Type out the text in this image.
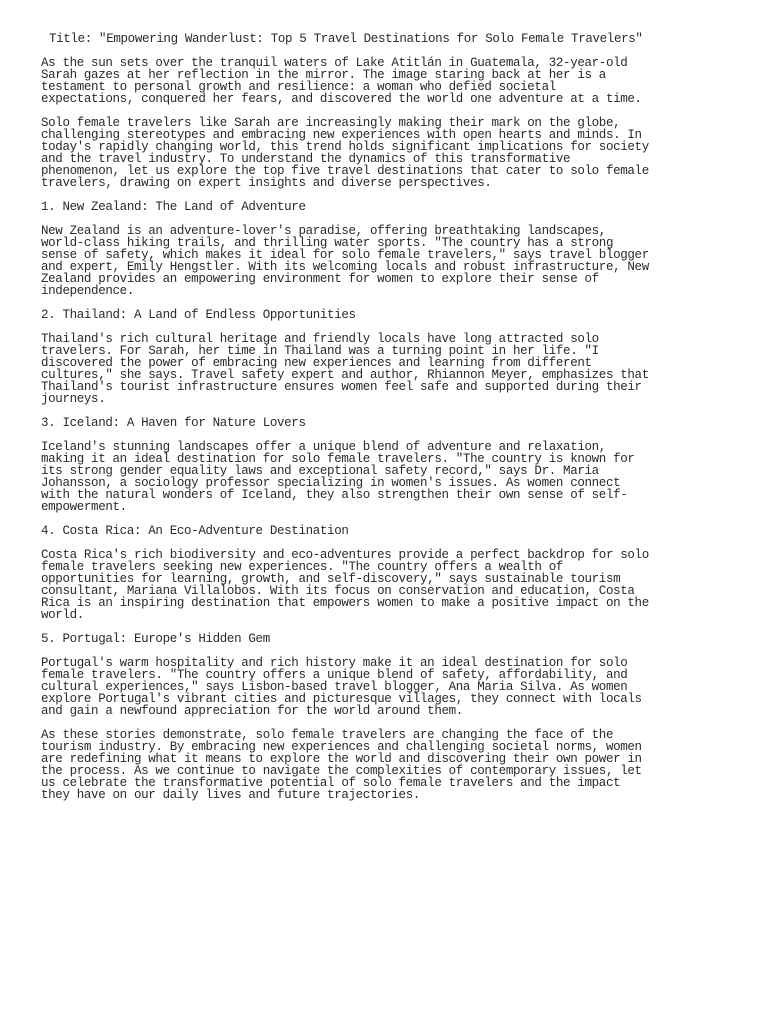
Title: "Empowering Wanderlust: Top 5 Travel Destinations for Solo Female Travelers"
As the sun sets over the tranquil waters of Lake Atitlán in Guatemala, 32-year-old
Sarah gazes at her reflection in the mirror. The image staring back at her is a
testament to personal growth and resilience: a woman who defied societal
expectations, conquered her fears, and discovered the world one adventure at a time.
Solo female travelers like Sarah are increasingly making their mark on the globe,
challenging stereotypes and embracing new experiences with open hearts and minds. In
today's rapidly changing world, this trend holds significant implications for society
and the travel industry. To understand the dynamics of this transformative
phenomenon, let us explore the top five travel destinations that cater to solo female
travelers, drawing on expert insights and diverse perspectives.
1. New Zealand: The Land of Adventure
New Zealand is an adventure-lover's paradise, offering breathtaking landscapes,
world-class hiking trails, and thrilling water sports. "The country has a strong
sense of safety, which makes it ideal for solo female travelers," says travel blogger
and expert, Emily Hengstler. With its welcoming locals and robust infrastructure, New
Zealand provides an empowering environment for women to explore their sense of
independence.
2. Thailand: A Land of Endless Opportunities
Thailand's rich cultural heritage and friendly locals have long attracted solo
travelers. For Sarah, her time in Thailand was a turning point in her life. "I
discovered the power of embracing new experiences and learning from different
cultures," she says. Travel safety expert and author, Rhiannon Meyer, emphasizes that
Thailand's tourist infrastructure ensures women feel safe and supported during their
journeys.
3. Iceland: A Haven for Nature Lovers
Iceland's stunning landscapes offer a unique blend of adventure and relaxation,
making it an ideal destination for solo female travelers. "The country is known for
its strong gender equality laws and exceptional safety record," says Dr. Maria
Johansson, a sociology professor specializing in women's issues. As women connect
with the natural wonders of Iceland, they also strengthen their own sense of self-
empowerment.
4. Costa Rica: An Eco-Adventure Destination
Costa Rica's rich biodiversity and eco-adventures provide a perfect backdrop for solo
female travelers seeking new experiences. "The country offers a wealth of
opportunities for learning, growth, and self-discovery," says sustainable tourism
consultant, Mariana Villalobos. With its focus on conservation and education, Costa
Rica is an inspiring destination that empowers women to make a positive impact on the
world.
5. Portugal: Europe's Hidden Gem
Portugal's warm hospitality and rich history make it an ideal destination for solo
female travelers. "The country offers a unique blend of safety, affordability, and
cultural experiences," says Lisbon-based travel blogger, Ana Maria Silva. As women
explore Portugal's vibrant cities and picturesque villages, they connect with locals
and gain a newfound appreciation for the world around them.
As these stories demonstrate, solo female travelers are changing the face of the
tourism industry. By embracing new experiences and challenging societal norms, women
are redefining what it means to explore the world and discovering their own power in
the process. As we continue to navigate the complexities of contemporary issues, let
us celebrate the transformative potential of solo female travelers and the impact
they have on our daily lives and future trajectories.
